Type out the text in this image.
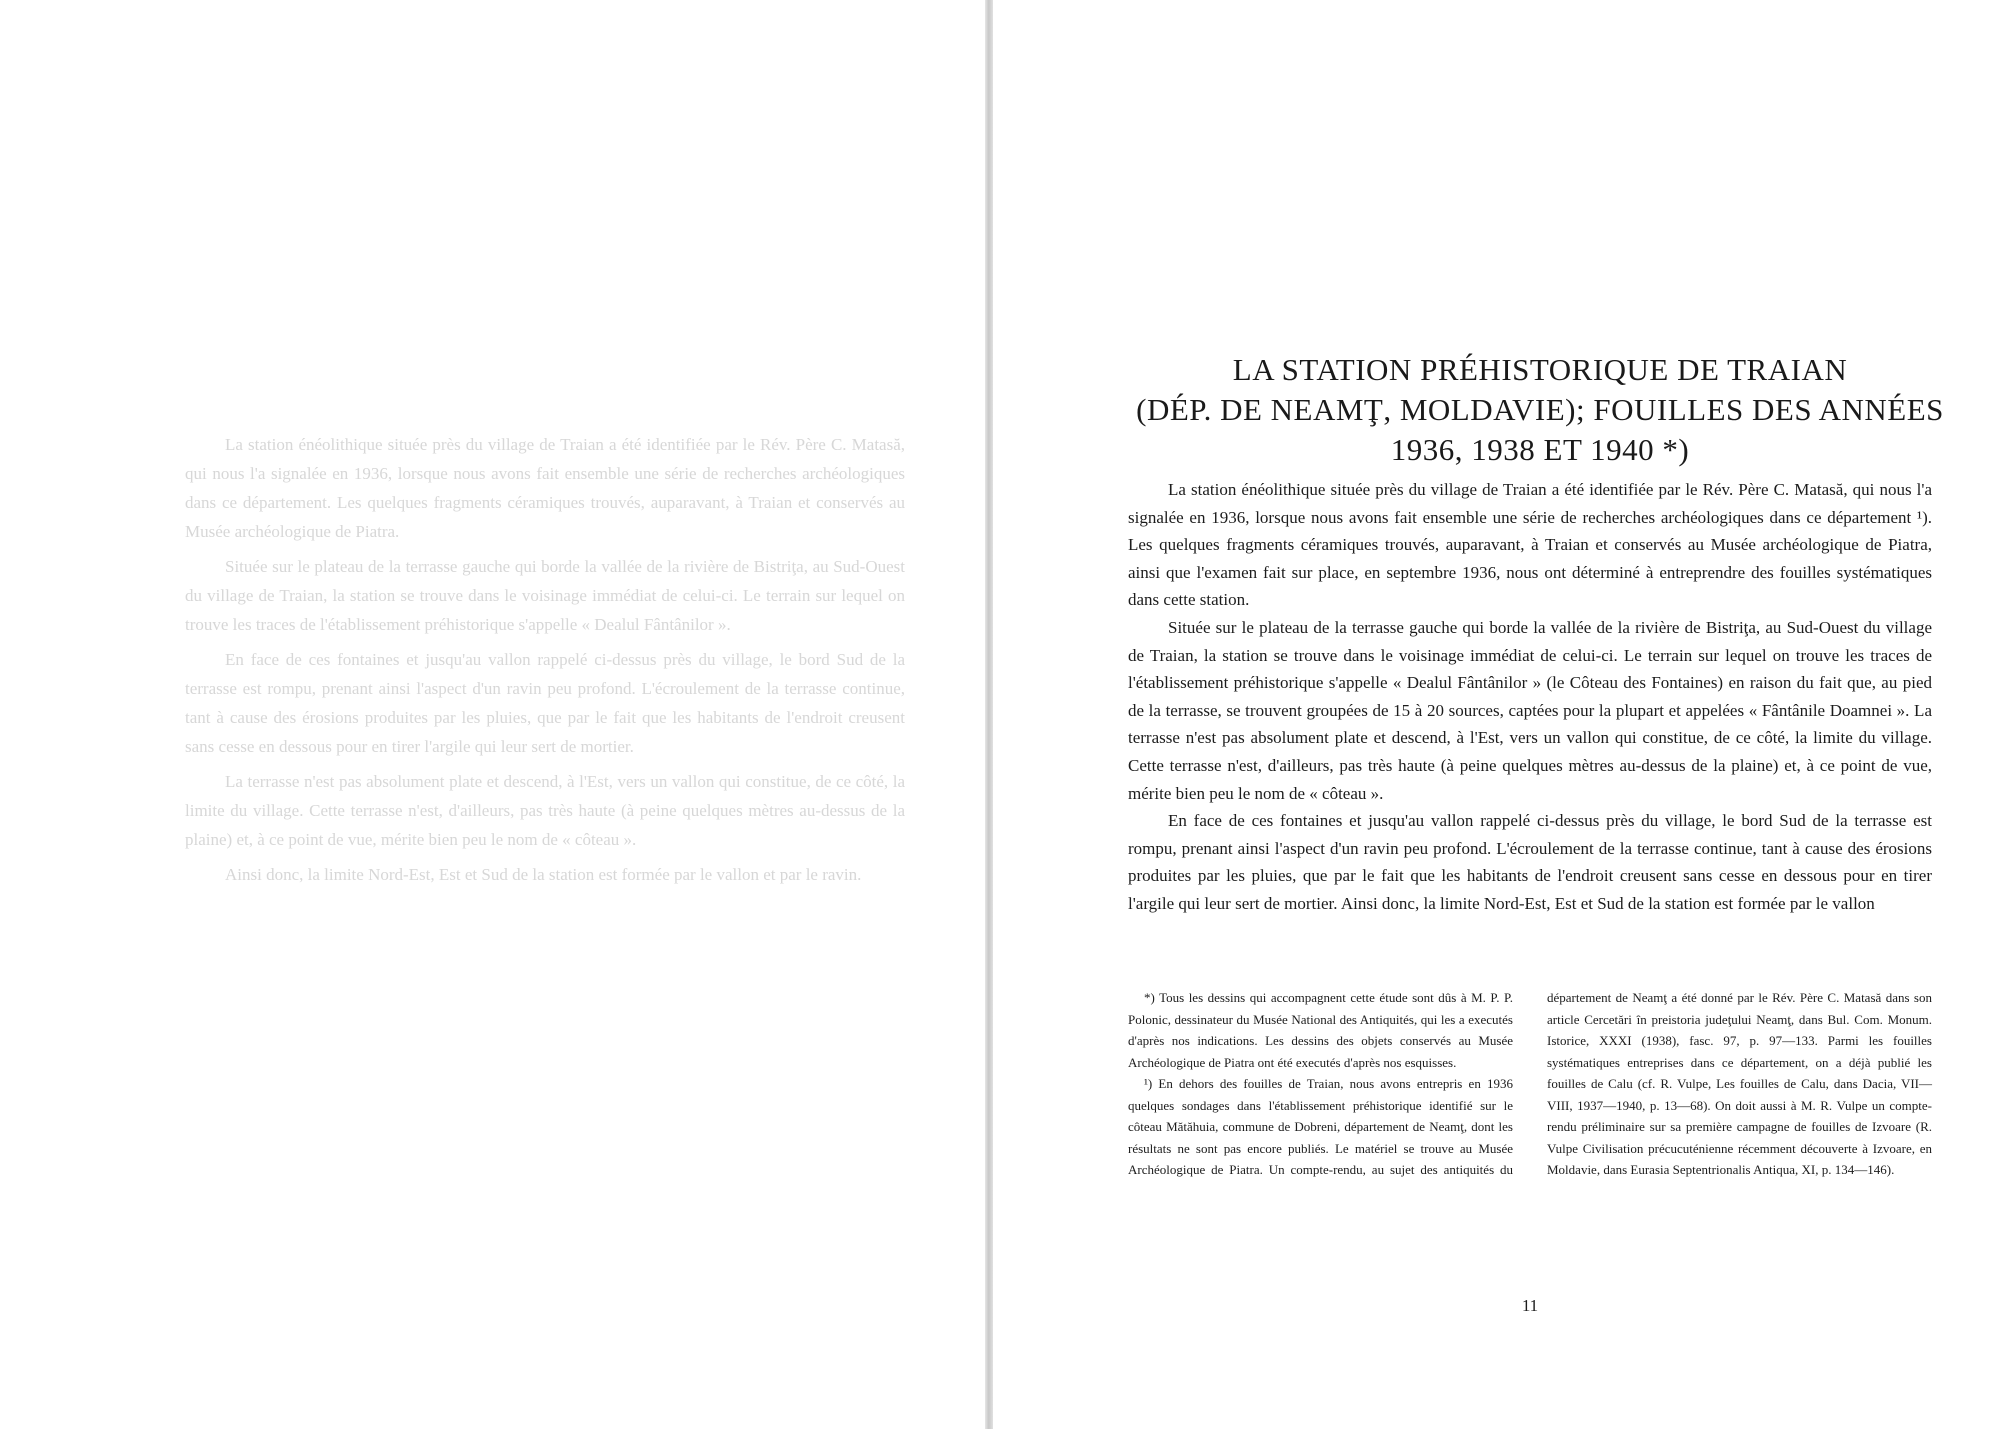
La station énéolithique située près du village de Traian a été identifiée par le Rév. Père C. Matasă, qui nous l'a signalée en 1936, lorsque nous avons fait ensemble une série de recherches archéologiques dans ce département. Les quelques fragments céramiques trouvés, auparavant, à Traian et conservés au Musée archéologique de Piatra.

Située sur le plateau de la terrasse gauche qui borde la vallée de la rivière de Bistriţa, au Sud-Ouest du village de Traian, la station se trouve dans le voisinage immédiat de celui-ci. Le terrain sur lequel on trouve les traces de l'établissement préhistorique s'appelle « Dealul Fântânilor ».

En face de ces fontaines et jusqu'au vallon rappelé ci-dessus près du village, le bord Sud de la terrasse est rompu, prenant ainsi l'aspect d'un ravin peu profond. L'écroulement de la terrasse continue, tant à cause des érosions produites par les pluies, que par le fait que les habitants de l'endroit creusent sans cesse en dessous pour en tirer l'argile qui leur sert de mortier.

La terrasse n'est pas absolument plate et descend, à l'Est, vers un vallon qui constitue, de ce côté, la limite du village. Cette terrasse n'est, d'ailleurs, pas très haute (à peine quelques mètres au-dessus de la plaine) et, à ce point de vue, mérite bien peu le nom de « côteau ».

Ainsi donc, la limite Nord-Est, Est et Sud de la station est formée par le vallon et par le ravin.

LA STATION PRÉHISTORIQUE DE TRAIAN
(DÉP. DE NEAMŢ, MOLDAVIE); FOUILLES DES ANNÉES
1936, 1938 ET 1940 *)

La station énéolithique située près du village de Traian a été identifiée par le Rév. Père C. Matasă, qui nous l'a signalée en 1936, lorsque nous avons fait ensemble une série de recherches archéologiques dans ce département ¹). Les quelques fragments céramiques trouvés, auparavant, à Traian et conservés au Musée archéologique de Piatra, ainsi que l'examen fait sur place, en septembre 1936, nous ont déterminé à entreprendre des fouilles systématiques dans cette station.

Située sur le plateau de la terrasse gauche qui borde la vallée de la rivière de Bistriţa, au Sud-Ouest du village de Traian, la station se trouve dans le voisinage immédiat de celui-ci. Le terrain sur lequel on trouve les traces de l'établissement préhistorique s'appelle « Dealul Fântânilor » (le Côteau des Fontaines) en raison du fait que, au pied de la terrasse, se trouvent groupées de 15 à 20 sources, captées pour la plupart et appelées « Fântânile Doamnei ». La terrasse n'est pas absolument plate et descend, à l'Est, vers un vallon qui constitue, de ce côté, la limite du village. Cette terrasse n'est, d'ailleurs, pas très haute (à peine quelques mètres au-dessus de la plaine) et, à ce point de vue, mérite bien peu le nom de « côteau ».

En face de ces fontaines et jusqu'au vallon rappelé ci-dessus près du village, le bord Sud de la terrasse est rompu, prenant ainsi l'aspect d'un ravin peu profond. L'écroulement de la terrasse continue, tant à cause des érosions produites par les pluies, que par le fait que les habitants de l'endroit creusent sans cesse en dessous pour en tirer l'argile qui leur sert de mortier. Ainsi donc, la limite Nord-Est, Est et Sud de la station est formée par le vallon

*) Tous les dessins qui accompagnent cette étude sont dûs à M. P. P. Polonic, dessinateur du Musée National des Antiquités, qui les a executés d'après nos indications. Les dessins des objets conservés au Musée Archéologique de Piatra ont été executés d'après nos esquisses.

¹) En dehors des fouilles de Traian, nous avons entrepris en 1936 quelques sondages dans l'établissement préhistorique identifié sur le côteau Mătăhuia, commune de Dobreni, département de Neamţ, dont les résultats ne sont pas encore publiés. Le matériel se trouve au Musée Archéologique de Piatra. Un compte-rendu, au sujet des antiquités du département de Neamţ a été donné par le Rév. Père C. Matasă dans son article Cercetări în preistoria judeţului Neamţ, dans Bul. Com. Monum. Istorice, XXXI (1938), fasc. 97, p. 97—133. Parmi les fouilles systématiques entreprises dans ce département, on a déjà publié les fouilles de Calu (cf. R. Vulpe, Les fouilles de Calu, dans Dacia, VII—VIII, 1937—1940, p. 13—68). On doit aussi à M. R. Vulpe un compte-rendu préliminaire sur sa première campagne de fouilles de Izvoare (R. Vulpe Civilisation précucuténienne récemment découverte à Izvoare, en Moldavie, dans Eurasia Septentrionalis Antiqua, XI, p. 134—146).

11
